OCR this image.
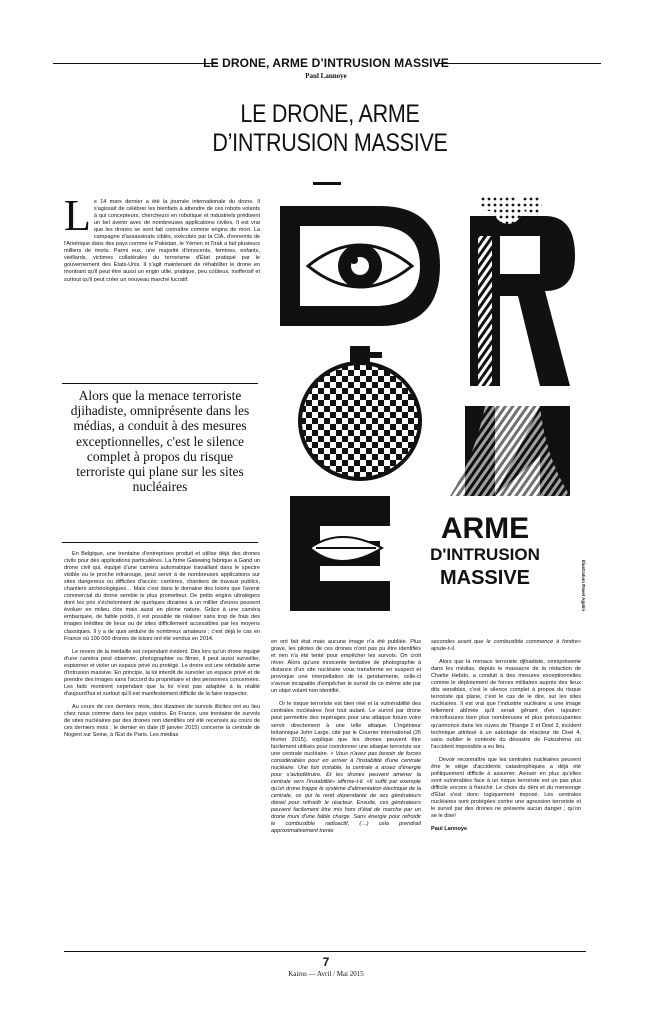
LE DRONE, ARME D’INTRUSION MASSIVE
Paul Lannoye
LE DRONE, ARME
D’INTRUSION MASSIVE

Le 14 mars dernier a été la journée internationale du drone. Il s'agissait de célébrer les bienfaits à attendre de ces robots volants à qui concepteurs, chercheurs en robotique et industriels prédisent un bel avenir avec de nombreuses applications civiles. Il est vrai que les drones se sont fait connaître comme engins de mort. La campagne d'assassinats ciblés, exécutés par la CIA, d'ennemis de l'Amérique dans des pays comme le Pakistan, le Yémen et l'Irak a fait plusieurs milliers de morts. Parmi eux, une majorité d'innocents, femmes, enfants, vieillards, victimes collatérales du terrorisme d'État pratiqué par le gouvernement des États-Unis. Il s'agit maintenant de réhabiliter le drone en montrant qu'il peut être aussi un engin utile, pratique, peu coûteux, inoffensif et surtout qu'il peut créer un nouveau marché lucratif.

Alors que la menace terroriste djihadiste, omniprésente dans les médias, a conduit à des mesures exceptionnelles, c'est le silence complet à propos du risque terroriste qui plane sur les sites nucléaires
ARME
D'INTRUSION
MASSIVE	Illustration Pavel Agatin

En Belgique, une trentaine d'entreprises produit et utilise déjà des drones civils pour des applications particulières. La firme Gatewing fabrique à Gand un drone civil qui, équipé d'une caméra automatique travaillant dans le spectre visible ou le proche infrarouge, peut servir à de nombreuses applications sur sites dangereux ou difficiles d'accès: carrières, chantiers de travaux publics, chantiers archéologiques… Mais c'est dans le domaine des loisirs que l'avenir commercial du drone semble le plus prometteur. De petits engins ultralégers dont les prix s'échelonnent de quelques dizaines à un millier d'euros peuvent évoluer en milieu clos mais aussi en pleine nature. Grâce à une caméra embarquée, de faible poids, il est possible de réaliser sans trop de frais des images inédites de lieux ou de sites difficilement accessibles par les moyens classiques. Il y a de quoi séduire de nombreux amateurs ; c'est déjà le cas en France où 100 000 drones de loisirs ont été vendus en 2014.

Le revers de la médaille est cependant évident. Dès lors qu'un drone équipé d'une caméra peut observer, photographier ou filmer, il peut aussi surveiller, espionner et violer un espace privé ou protégé. Le drone est une véritable arme d'intrusion massive. En principe, la loi interdit de survoler un espace privé et de prendre des images sans l'accord du propriétaire et des personnes concernées. Les faits montrent cependant que la loi n'est pas adaptée à la réalité d'aujourd'hui et surtout qu'il est manifestement difficile de la faire respecter.

Au cours de ces derniers mois, des dizaines de survols illicites ont eu lieu chez nous comme dans les pays voisins. En France, une trentaine de survols de sites nucléaires par des drones non identifiés ont été recensés au cours de ces derniers mois ; le dernier en date (8 janvier 2015) concerne la centrale de Nogent sur Seine, à l'Est de Paris. Les médias

en ont fait état mais aucune image n'a été publiée. Plus grave, les pilotes de ces drones n'ont pas pu être identifiés et rien n'a été tenté pour empêcher les survols. On croit rêver. Alors qu'une innocente tentative de photographie à distance d'un site nucléaire vous transforme en suspect et provoque une interpellation de la gendarmerie, celle-ci s'avoue incapable d'empêcher le survol de ce même site par un objet volant non identifié.

Or le risque terroriste est bien réel et la vulnérabilité des centrales nucléaires l'est tout autant. Le survol par drone peut permettre des repérages pour une attaque future voire servir directement à une telle attaque. L'ingénieur britannique John Large, cité par le Courrier international (26 février 2015), explique que les drones peuvent être facilement utilisés pour coordonner une attaque terroriste sur une centrale nucléaire. « Vous n'avez pas besoin de forces considérables pour en arriver à l'instabilité d'une centrale nucléaire. Une fois instable, la centrale a assez d'énergie pour s'autodétruire. Et les drones peuvent amener la centrale vers l'instabilité» affirme-t-il. «Il suffit par exemple qu'un drone frappe le système d'alimentation électrique de la centrale, ce qui la rend dépendante de ses générateurs diesel pour refroidir le réacteur. Ensuite, ces générateurs peuvent facilement être mis hors d'état de marche par un drone muni d'une faible charge. Sans énergie pour refroidir le combustible radioactif, (…) cela prendrait approximativement trente

secondes avant que le combustible commence à fondre» ajoute-t-il.

Alors que la menace terroriste djihadiste, omniprésente dans les médias, depuis le massacre de la rédaction de Charlie Hebdo, a conduit à des mesures exceptionnelles comme le déploiement de forces militaires auprès des lieux dits sensibles, c'est le silence complet à propos du risque terroriste qui plane, c'est le cas de le dire, sur les sites nucléaires. Il est vrai que l'industrie nucléaire a une image tellement abîmée qu'il serait gênant d'en rajouter: microfissures bien plus nombreuses et plus préoccupantes qu'annoncé dans les cuves de Tihange 2 et Doel 3, incident technique attribué à un sabotage de réacteur de Doel 4, sans oublier le contexte du désastre de Fukushima où l'accident impossible a eu lieu.

Devoir reconnaître que les centrales nucléaires peuvent être le siège d'accidents catastrophiques a déjà été politiquement difficile à assumer. Avouer en plus qu'elles sont vulnérables face à un risque terroriste est un pas plus difficile encore à franchir. Le choix du déni et du mensonge d'État s'est donc logiquement imposé. Les centrales nucléaires sont protégées contre une agression terroriste et le survol par des drones ne présente aucun danger ; qu'on se le dise!

Paul Lannoye

7
Kairos — Avril / Mai 2015
